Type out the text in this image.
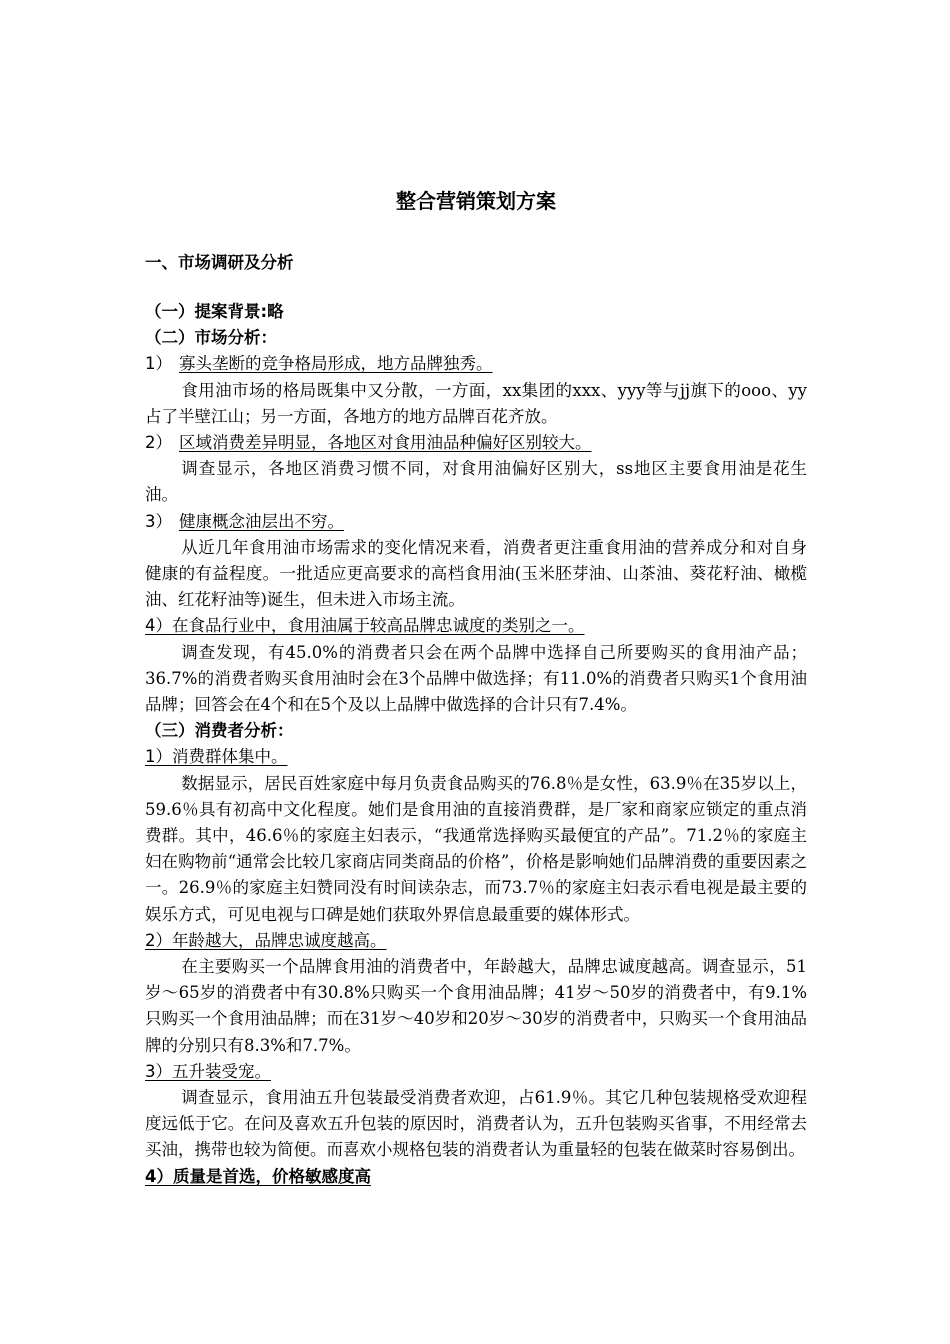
整合营销策划方案
一、市场调研及分析
（一）提案背景:略
（二）市场分析：
1） 寡头垄断的竞争格局形成，地方品牌独秀。

食用油市场的格局既集中又分散，一方面，xx集团的xxx、yyy等与jj旗下的ooo、yy占了半壁江山；另一方面，各地方的地方品牌百花齐放。

2） 区域消费差异明显，各地区对食用油品种偏好区别较大。

调查显示，各地区消费习惯不同，对食用油偏好区别大，ss地区主要食用油是花生油。

3） 健康概念油层出不穷。

从近几年食用油市场需求的变化情况来看，消费者更注重食用油的营养成分和对自身健康的有益程度。一批适应更高要求的高档食用油(玉米胚芽油、山茶油、葵花籽油、橄榄油、红花籽油等)诞生，但未进入市场主流。

4）在食品行业中，食用油属于较高品牌忠诚度的类别之一。

调查发现，有45.0%的消费者只会在两个品牌中选择自己所要购买的食用油产品；36.7%的消费者购买食用油时会在3个品牌中做选择；有11.0%的消费者只购买1个食用油品牌；回答会在4个和在5个及以上品牌中做选择的合计只有7.4%。

（三）消费者分析：
1）消费群体集中。

数据显示，居民百姓家庭中每月负责食品购买的76.8％是女性，63.9％在35岁以上，59.6％具有初高中文化程度。她们是食用油的直接消费群，是厂家和商家应锁定的重点消费群。其中，46.6％的家庭主妇表示，“我通常选择购买最便宜的产品”。71.2％的家庭主妇在购物前“通常会比较几家商店同类商品的价格”，价格是影响她们品牌消费的重要因素之一。26.9％的家庭主妇赞同没有时间读杂志，而73.7％的家庭主妇表示看电视是最主要的娱乐方式，可见电视与口碑是她们获取外界信息最重要的媒体形式。

2）年龄越大，品牌忠诚度越高。

在主要购买一个品牌食用油的消费者中，年龄越大，品牌忠诚度越高。调查显示，51岁～65岁的消费者中有30.8%只购买一个食用油品牌；41岁～50岁的消费者中，有9.1%只购买一个食用油品牌；而在31岁～40岁和20岁～30岁的消费者中，只购买一个食用油品牌的分别只有8.3%和7.7%。

3）五升装受宠。

调查显示，食用油五升包装最受消费者欢迎，占61.9％。其它几种包装规格受欢迎程度远低于它。在问及喜欢五升包装的原因时，消费者认为，五升包装购买省事，不用经常去买油，携带也较为简便。而喜欢小规格包装的消费者认为重量轻的包装在做菜时容易倒出。

4）质量是首选，价格敏感度高
